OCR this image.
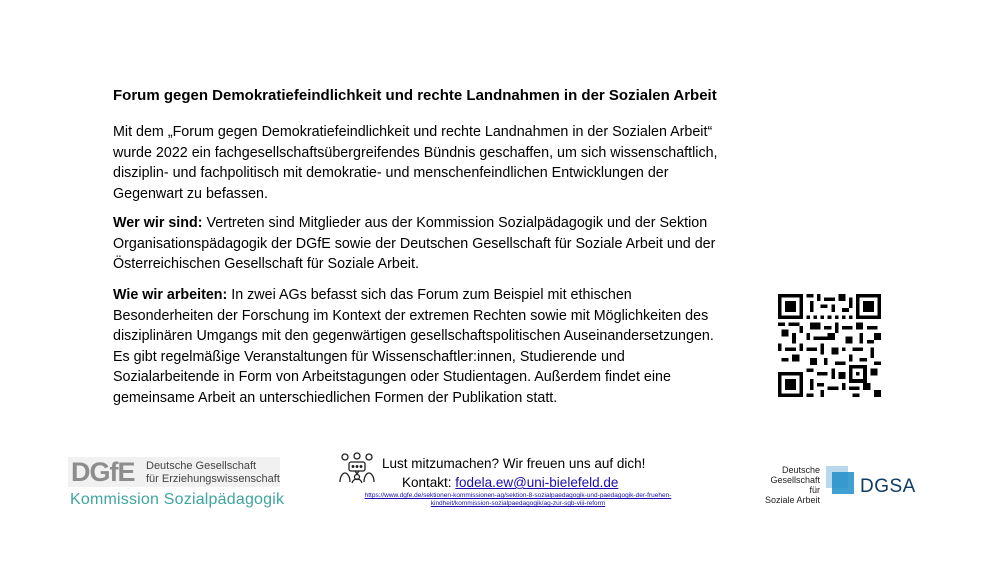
Forum gegen Demokratiefeindlichkeit und rechte Landnahmen in der Sozialen Arbeit

Mit dem „Forum gegen Demokratiefeindlichkeit und rechte Landnahmen in der Sozialen Arbeit“ wurde 2022 ein fachgesellschaftsübergreifendes Bündnis geschaffen, um sich wissenschaftlich, disziplin- und fachpolitisch mit demokratie- und menschenfeindlichen Entwicklungen der Gegenwart zu befassen.

Wer wir sind: Vertreten sind Mitglieder aus der Kommission Sozialpädagogik und der Sektion Organisationspädagogik der DGfE sowie der Deutschen Gesellschaft für Soziale Arbeit und der Österreichischen Gesellschaft für Soziale Arbeit.

Wie wir arbeiten: In zwei AGs befasst sich das Forum zum Beispiel mit ethischen Besonderheiten der Forschung im Kontext der extremen Rechten sowie mit Möglichkeiten des disziplinären Umgangs mit den gegenwärtigen gesellschaftspolitischen Auseinandersetzungen. Es gibt regelmäßige Veranstaltungen für Wissenschaftler:innen, Studierende und Sozialarbeitende in Form von Arbeitstagungen oder Studientagen. Außerdem findet eine gemeinsame Arbeit an unterschiedlichen Formen der Publikation statt.

DGfE Deutsche Gesellschaft
für Erziehungswissenschaft
Kommission Sozialpädagogik
Lust mitzumachen? Wir freuen uns auf dich!
Kontakt: fodela.ew@uni-bielefeld.de
https://www.dgfe.de/sektionen-kommissionen-ag/sektion-8-sozialpaedagogik-und-paedagogik-der-fruehen-kindheit/kommission-sozialpaedagogik/ag-zur-sgb-viii-reform
Deutsche
Gesellschaft für
Soziale Arbeit
DGSA
